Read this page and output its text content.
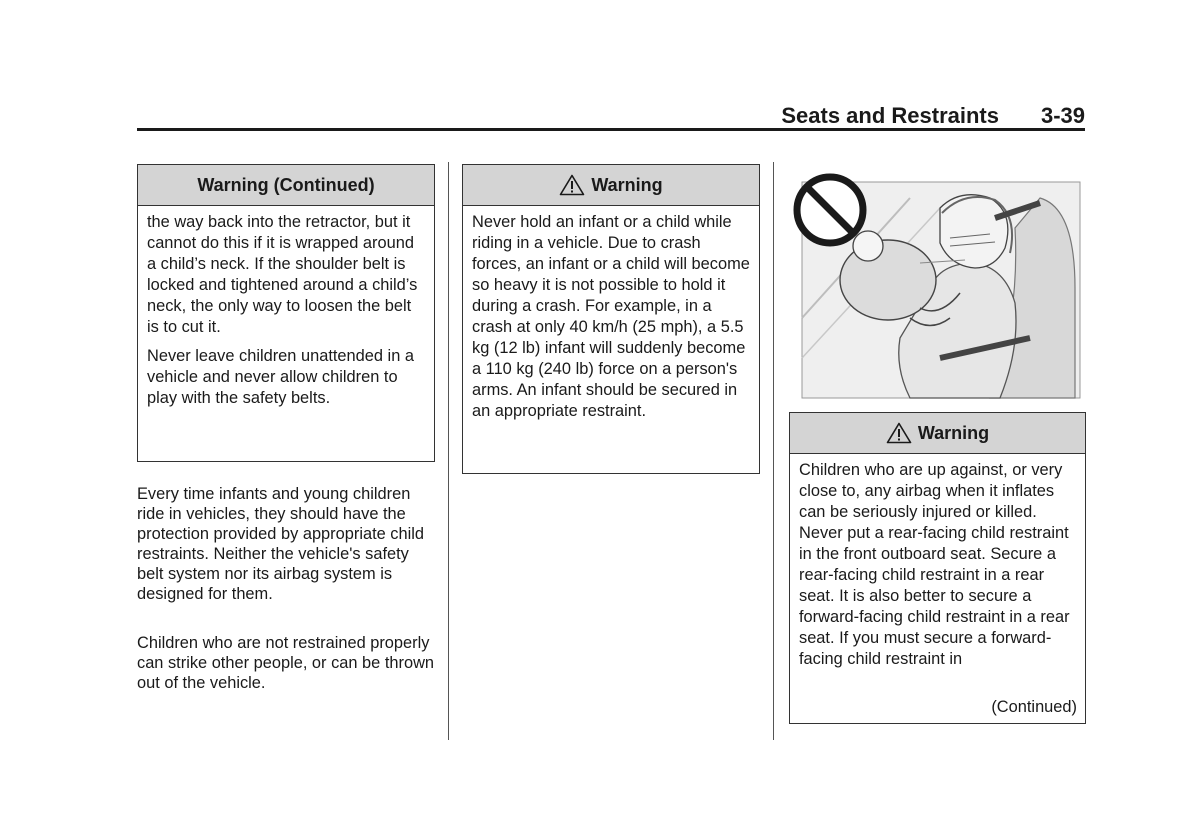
Seats and Restraints 3-39
Warning (Continued)

the way back into the retractor, but it cannot do this if it is wrapped around a child’s neck. If the shoulder belt is locked and tightened around a child’s neck, the only way to loosen the belt is to cut it.

Never leave children unattended in a vehicle and never allow children to play with the safety belts.

Every time infants and young children ride in vehicles, they should have the protection provided by appropriate child restraints. Neither the vehicle's safety belt system nor its airbag system is designed for them.

Children who are not restrained properly can strike other people, or can be thrown out of the vehicle.

Warning

Never hold an infant or a child while riding in a vehicle. Due to crash forces, an infant or a child will become so heavy it is not possible to hold it during a crash. For example, in a crash at only 40 km/h (25 mph), a 5.5 kg (12 lb) infant will suddenly become a 110 kg (240 lb) force on a person's arms. An infant should be secured in an appropriate restraint.

Warning

Children who are up against, or very close to, any airbag when it inflates can be seriously injured or killed. Never put a rear-facing child restraint in the front outboard seat. Secure a rear-facing child restraint in a rear seat. It is also better to secure a forward-facing child restraint in a rear seat. If you must secure a forward-facing child restraint in

(Continued)
